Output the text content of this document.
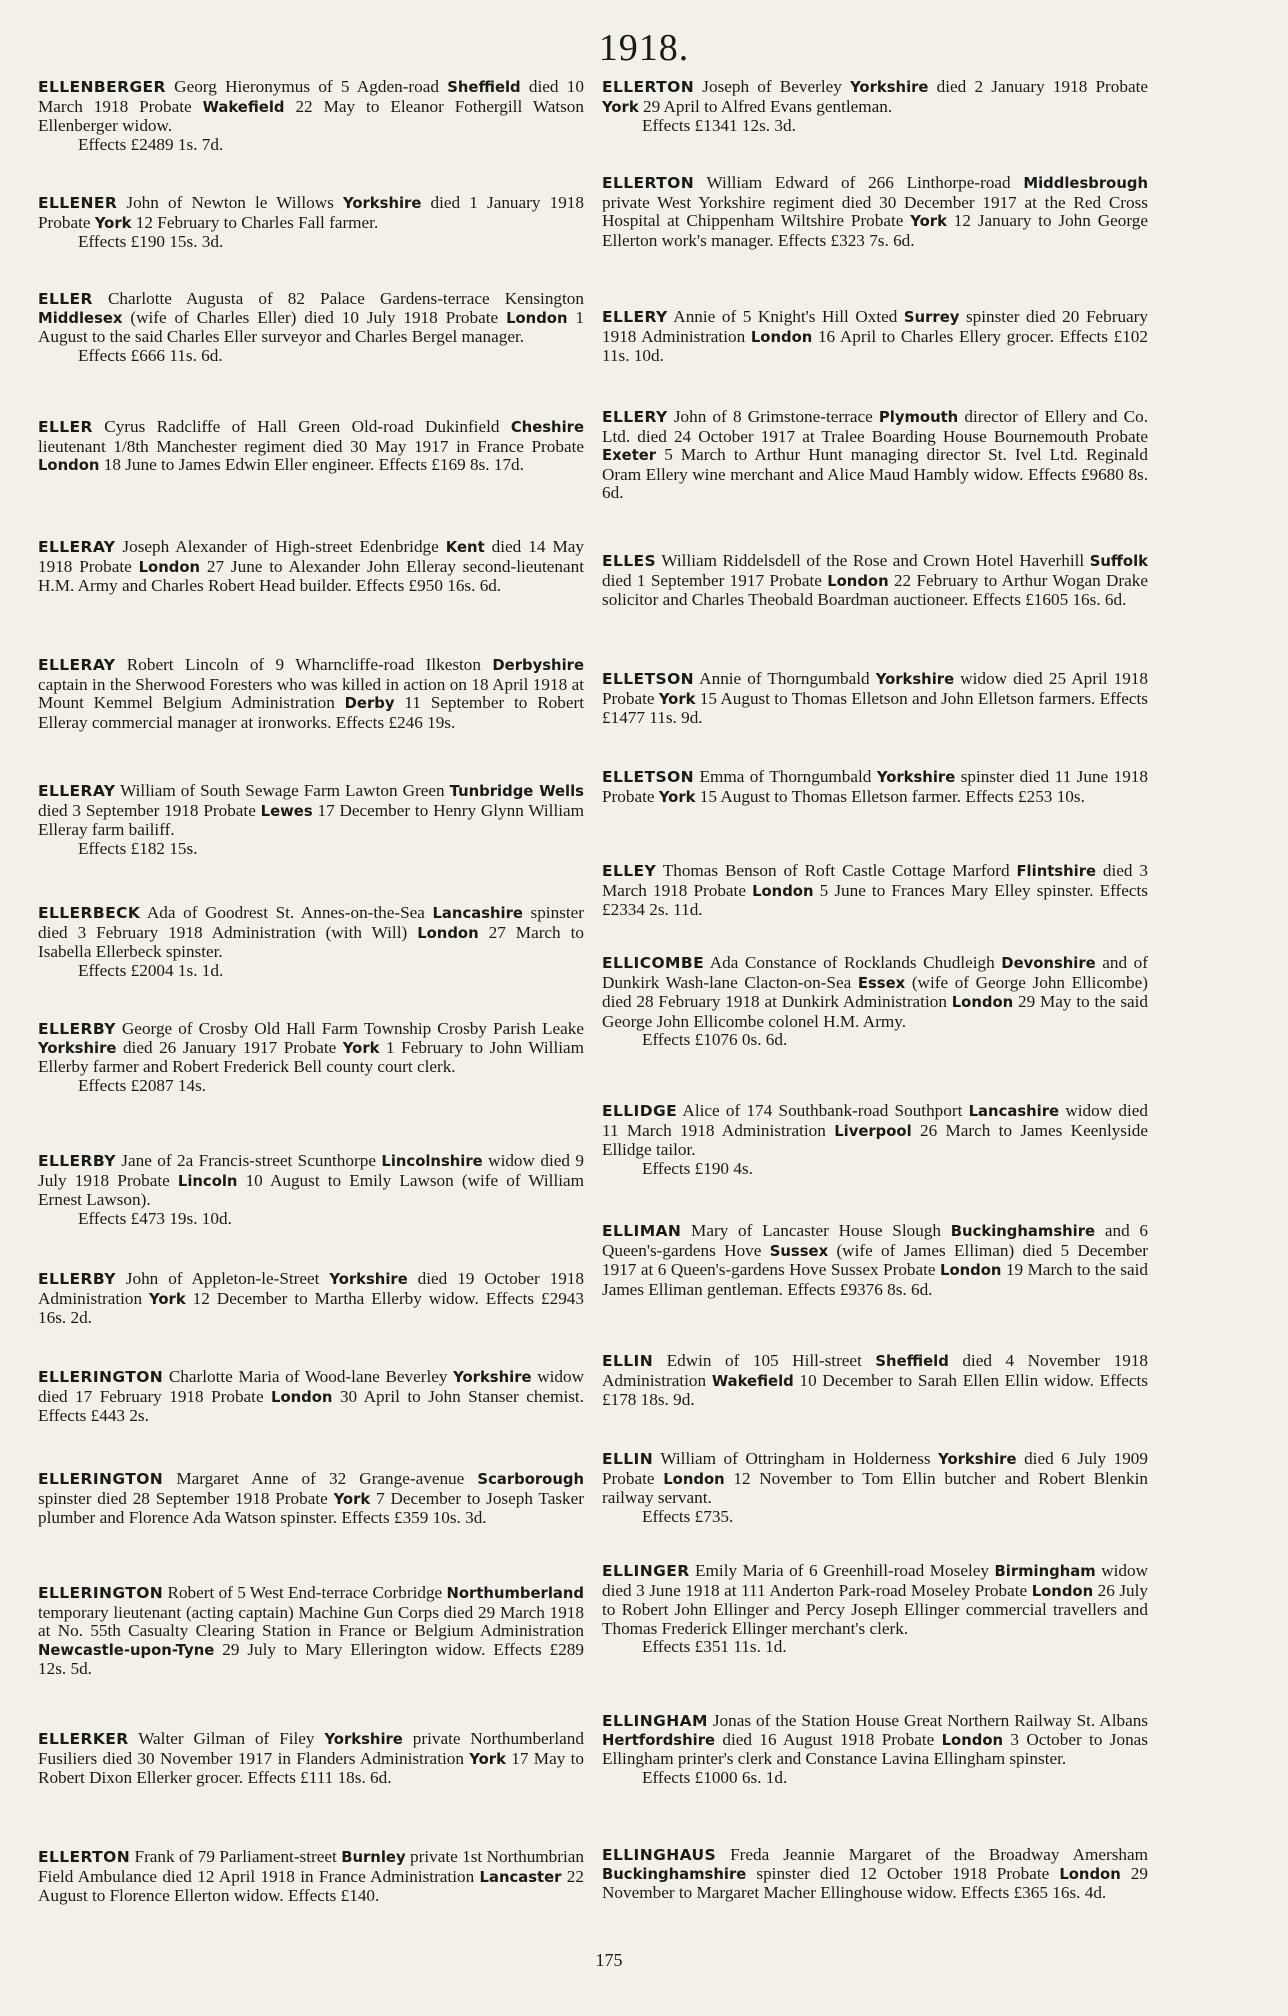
1918.
ELLENBERGER Georg Hieronymus of 5 Agden-road Sheffield died 10 March 1918 Probate Wakefield 22 May to Eleanor Fothergill Watson Ellenberger widow.
Effects £2489 1s. 7d.
ELLENER John of Newton le Willows Yorkshire died 1 January 1918 Probate York 12 February to Charles Fall farmer.
Effects £190 15s. 3d.
ELLER Charlotte Augusta of 82 Palace Gardens-terrace Kensington Middlesex (wife of Charles Eller) died 10 July 1918 Probate London 1 August to the said Charles Eller surveyor and Charles Bergel manager.
Effects £666 11s. 6d.
ELLER Cyrus Radcliffe of Hall Green Old-road Dukinfield Cheshire lieutenant 1/8th Manchester regiment died 30 May 1917 in France Probate London 18 June to James Edwin Eller engineer. Effects £169 8s. 17d.
ELLERAY Joseph Alexander of High-street Edenbridge Kent died 14 May 1918 Probate London 27 June to Alexander John Elleray second-lieutenant H.M. Army and Charles Robert Head builder. Effects £950 16s. 6d.
ELLERAY Robert Lincoln of 9 Wharncliffe-road Ilkeston Derbyshire captain in the Sherwood Foresters who was killed in action on 18 April 1918 at Mount Kemmel Belgium Administration Derby 11 September to Robert Elleray commercial manager at ironworks. Effects £246 19s.
ELLERAY William of South Sewage Farm Lawton Green Tunbridge Wells died 3 September 1918 Probate Lewes 17 December to Henry Glynn William Elleray farm bailiff.
Effects £182 15s.
ELLERBECK Ada of Goodrest St. Annes-on-the-Sea Lancashire spinster died 3 February 1918 Administration (with Will) London 27 March to Isabella Ellerbeck spinster.
Effects £2004 1s. 1d.
ELLERBY George of Crosby Old Hall Farm Township Crosby Parish Leake Yorkshire died 26 January 1917 Probate York 1 February to John William Ellerby farmer and Robert Frederick Bell county court clerk.
Effects £2087 14s.
ELLERBY Jane of 2a Francis-street Scunthorpe Lincolnshire widow died 9 July 1918 Probate Lincoln 10 August to Emily Lawson (wife of William Ernest Lawson).
Effects £473 19s. 10d.
ELLERBY John of Appleton-le-Street Yorkshire died 19 October 1918 Administration York 12 December to Martha Ellerby widow. Effects £2943 16s. 2d.
ELLERINGTON Charlotte Maria of Wood-lane Beverley Yorkshire widow died 17 February 1918 Probate London 30 April to John Stanser chemist. Effects £443 2s.
ELLERINGTON Margaret Anne of 32 Grange-avenue Scarborough spinster died 28 September 1918 Probate York 7 December to Joseph Tasker plumber and Florence Ada Watson spinster. Effects £359 10s. 3d.
ELLERINGTON Robert of 5 West End-terrace Corbridge Northumberland temporary lieutenant (acting captain) Machine Gun Corps died 29 March 1918 at No. 55th Casualty Clearing Station in France or Belgium Administration Newcastle-upon-Tyne 29 July to Mary Ellerington widow. Effects £289 12s. 5d.
ELLERKER Walter Gilman of Filey Yorkshire private Northumberland Fusiliers died 30 November 1917 in Flanders Administration York 17 May to Robert Dixon Ellerker grocer. Effects £111 18s. 6d.
ELLERTON Frank of 79 Parliament-street Burnley private 1st Northumbrian Field Ambulance died 12 April 1918 in France Administration Lancaster 22 August to Florence Ellerton widow. Effects £140.
ELLERTON Joseph of Beverley Yorkshire died 2 January 1918 Probate York 29 April to Alfred Evans gentleman.
Effects £1341 12s. 3d.
ELLERTON William Edward of 266 Linthorpe-road Middlesbrough private West Yorkshire regiment died 30 December 1917 at the Red Cross Hospital at Chippenham Wiltshire Probate York 12 January to John George Ellerton work's manager. Effects £323 7s. 6d.
ELLERY Annie of 5 Knight's Hill Oxted Surrey spinster died 20 February 1918 Administration London 16 April to Charles Ellery grocer. Effects £102 11s. 10d.
ELLERY John of 8 Grimstone-terrace Plymouth director of Ellery and Co. Ltd. died 24 October 1917 at Tralee Boarding House Bournemouth Probate Exeter 5 March to Arthur Hunt managing director St. Ivel Ltd. Reginald Oram Ellery wine merchant and Alice Maud Hambly widow. Effects £9680 8s. 6d.
ELLES William Riddelsdell of the Rose and Crown Hotel Haverhill Suffolk died 1 September 1917 Probate London 22 February to Arthur Wogan Drake solicitor and Charles Theobald Boardman auctioneer. Effects £1605 16s. 6d.
ELLETSON Annie of Thorngumbald Yorkshire widow died 25 April 1918 Probate York 15 August to Thomas Elletson and John Elletson farmers. Effects £1477 11s. 9d.
ELLETSON Emma of Thorngumbald Yorkshire spinster died 11 June 1918 Probate York 15 August to Thomas Elletson farmer. Effects £253 10s.
ELLEY Thomas Benson of Roft Castle Cottage Marford Flintshire died 3 March 1918 Probate London 5 June to Frances Mary Elley spinster. Effects £2334 2s. 11d.
ELLICOMBE Ada Constance of Rocklands Chudleigh Devonshire and of Dunkirk Wash-lane Clacton-on-Sea Essex (wife of George John Ellicombe) died 28 February 1918 at Dunkirk Administration London 29 May to the said George John Ellicombe colonel H.M. Army.
Effects £1076 0s. 6d.
ELLIDGE Alice of 174 Southbank-road Southport Lancashire widow died 11 March 1918 Administration Liverpool 26 March to James Keenlyside Ellidge tailor.
Effects £190 4s.
ELLIMAN Mary of Lancaster House Slough Buckinghamshire and 6 Queen's-gardens Hove Sussex (wife of James Elliman) died 5 December 1917 at 6 Queen's-gardens Hove Sussex Probate London 19 March to the said James Elliman gentleman. Effects £9376 8s. 6d.
ELLIN Edwin of 105 Hill-street Sheffield died 4 November 1918 Administration Wakefield 10 December to Sarah Ellen Ellin widow. Effects £178 18s. 9d.
ELLIN William of Ottringham in Holderness Yorkshire died 6 July 1909 Probate London 12 November to Tom Ellin butcher and Robert Blenkin railway servant.
Effects £735.
ELLINGER Emily Maria of 6 Greenhill-road Moseley Birmingham widow died 3 June 1918 at 111 Anderton Park-road Moseley Probate London 26 July to Robert John Ellinger and Percy Joseph Ellinger commercial travellers and Thomas Frederick Ellinger merchant's clerk.
Effects £351 11s. 1d.
ELLINGHAM Jonas of the Station House Great Northern Railway St. Albans Hertfordshire died 16 August 1918 Probate London 3 October to Jonas Ellingham printer's clerk and Constance Lavina Ellingham spinster.
Effects £1000 6s. 1d.
ELLINGHAUS Freda Jeannie Margaret of the Broadway Amersham Buckinghamshire spinster died 12 October 1918 Probate London 29 November to Margaret Macher Ellinghouse widow. Effects £365 16s. 4d.
175
